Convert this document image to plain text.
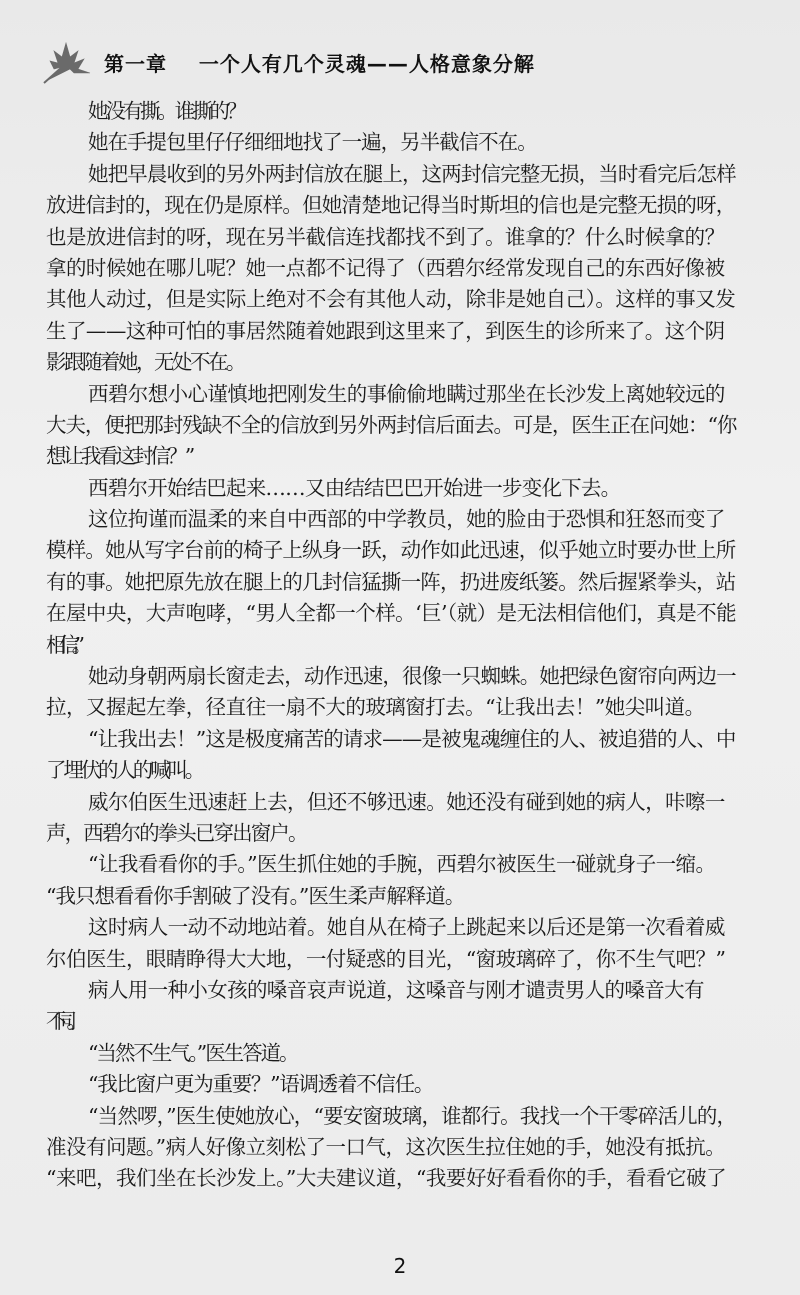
第一章    一个人有几个灵魂——人格意象分解
她没有撕。谁撕的？
她在手提包里仔仔细细地找了一遍，另半截信不在。
她把早晨收到的另外两封信放在腿上，这两封信完整无损，当时看完后怎样
放进信封的，现在仍是原样。但她清楚地记得当时斯坦的信也是完整无损的呀，
也是放进信封的呀，现在另半截信连找都找不到了。谁拿的？什么时候拿的？
拿的时候她在哪儿呢？她一点都不记得了（西碧尔经常发现自己的东西好像被
其他人动过，但是实际上绝对不会有其他人动，除非是她自己）。这样的事又发
生了——这种可怕的事居然随着她跟到这里来了，到医生的诊所来了。这个阴
影跟随着她，无处不在。
西碧尔想小心谨慎地把刚发生的事偷偷地瞒过那坐在长沙发上离她较远的
大夫，便把那封残缺不全的信放到另外两封信后面去。可是，医生正在问她：“你
想让我看这封信？”
西碧尔开始结巴起来……又由结结巴巴开始进一步变化下去。
这位拘谨而温柔的来自中西部的中学教员，她的脸由于恐惧和狂怒而变了
模样。她从写字台前的椅子上纵身一跃，动作如此迅速，似乎她立时要办世上所
有的事。她把原先放在腿上的几封信猛撕一阵，扔进废纸篓。然后握紧拳头，站
在屋中央，大声咆哮，“男人全都一个样。‘巨’（就）是无法相信他们，真是不能
相信。”
她动身朝两扇长窗走去，动作迅速，很像一只蜘蛛。她把绿色窗帘向两边一
拉，又握起左拳，径直往一扇不大的玻璃窗打去。“让我出去！”她尖叫道。
“让我出去！”这是极度痛苦的请求——是被鬼魂缠住的人、被追猎的人、中
了埋伏的人的喊叫。
威尔伯医生迅速赶上去，但还不够迅速。她还没有碰到她的病人，咔嚓一
声，西碧尔的拳头已穿出窗户。
“让我看看你的手。”医生抓住她的手腕，西碧尔被医生一碰就身子一缩。
“我只想看看你手割破了没有。”医生柔声解释道。
这时病人一动不动地站着。她自从在椅子上跳起来以后还是第一次看着威
尔伯医生，眼睛睁得大大地，一付疑惑的目光，“窗玻璃碎了，你不生气吧？”
病人用一种小女孩的嗓音哀声说道，这嗓音与刚才谴责男人的嗓音大有
不同。
“当然不生气。”医生答道。
“我比窗户更为重要？”语调透着不信任。
“当然啰，”医生使她放心，“要安窗玻璃，谁都行。我找一个干零碎活儿的，
准没有问题。”病人好像立刻松了一口气，这次医生拉住她的手，她没有抵抗。
“来吧，我们坐在长沙发上。”大夫建议道，“我要好好看看你的手，看看它破了
2
